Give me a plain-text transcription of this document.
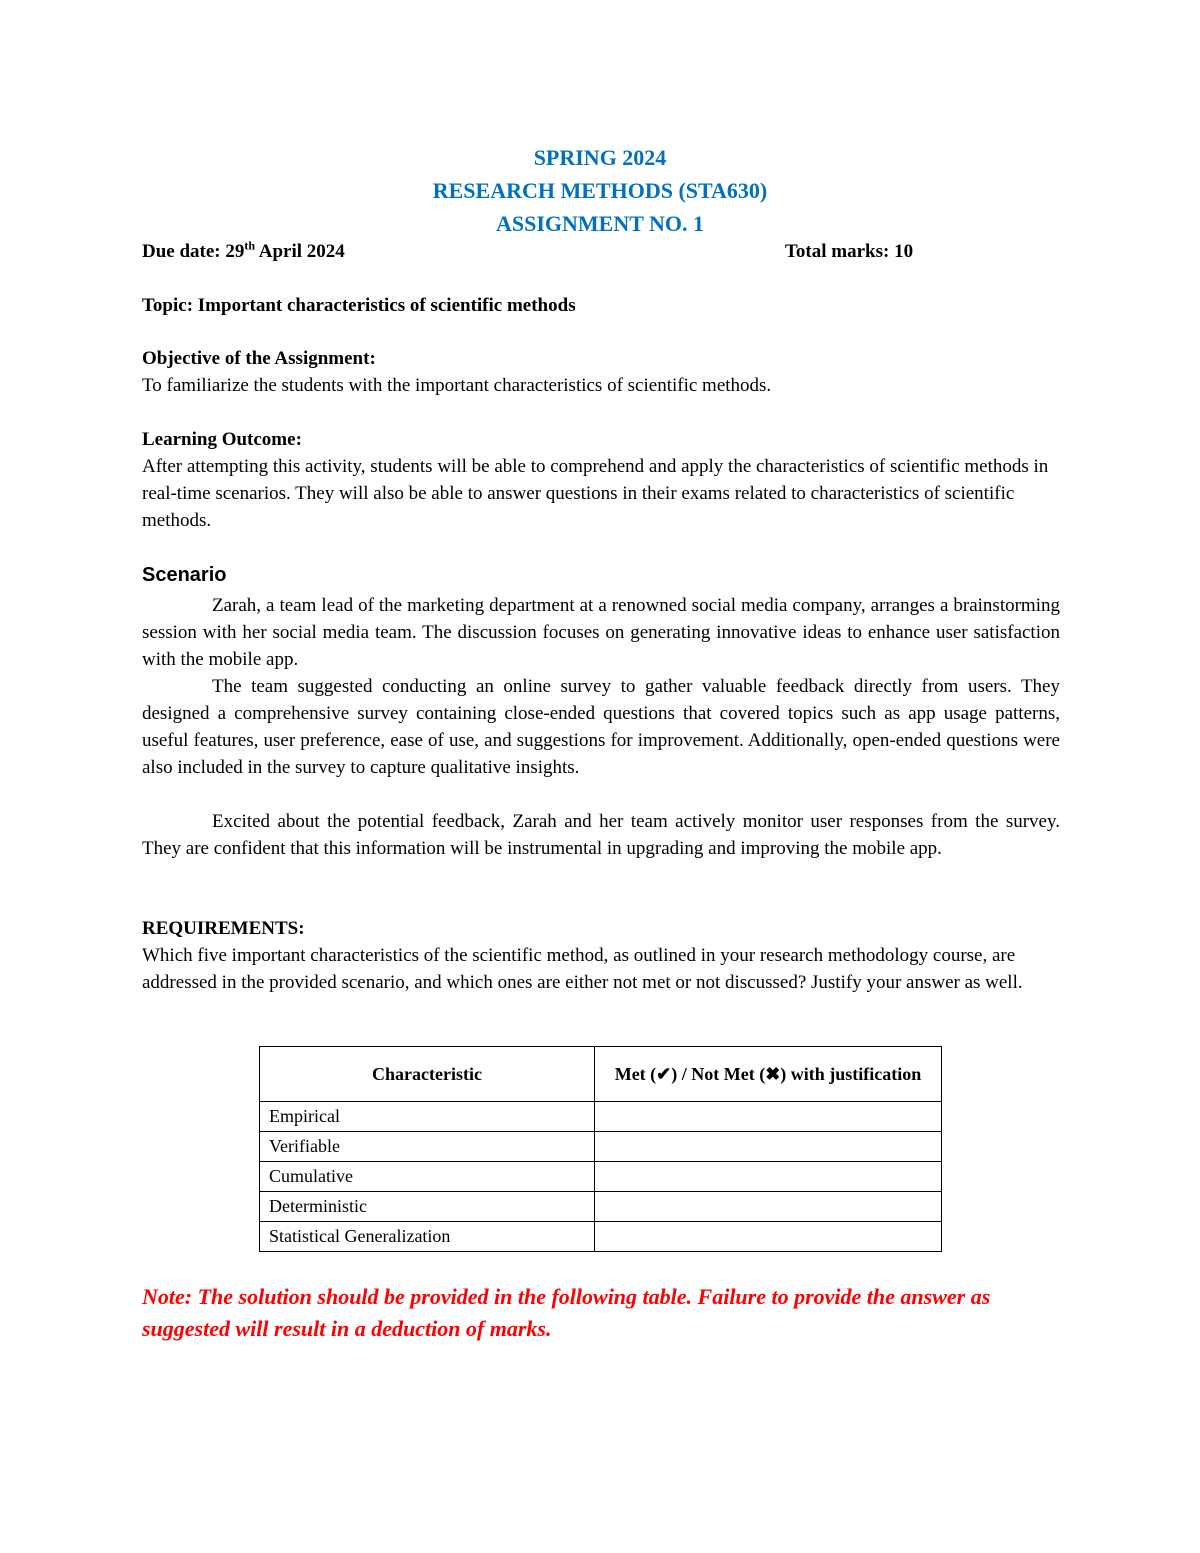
SPRING 2024
RESEARCH METHODS (STA630)
ASSIGNMENT NO. 1
Due date: 29th April 2024	Total marks: 10
Topic: Important characteristics of scientific methods
Objective of the Assignment:
To familiarize the students with the important characteristics of scientific methods.
Learning Outcome:
After attempting this activity, students will be able to comprehend and apply the characteristics of scientific methods in real-time scenarios. They will also be able to answer questions in their exams related to characteristics of scientific methods.
Scenario
Zarah, a team lead of the marketing department at a renowned social media company, arranges a brainstorming session with her social media team. The discussion focuses on generating innovative ideas to enhance user satisfaction with the mobile app.
The team suggested conducting an online survey to gather valuable feedback directly from users. They designed a comprehensive survey containing close-ended questions that covered topics such as app usage patterns, useful features, user preference, ease of use, and suggestions for improvement. Additionally, open-ended questions were also included in the survey to capture qualitative insights.
Excited about the potential feedback, Zarah and her team actively monitor user responses from the survey. They are confident that this information will be instrumental in upgrading and improving the mobile app.
REQUIREMENTS:
Which five important characteristics of the scientific method, as outlined in your research methodology course, are addressed in the provided scenario, and which ones are either not met or not discussed? Justify your answer as well.
Characteristic	Met (✔) / Not Met (✖) with justification
Empirical	
Verifiable	
Cumulative	
Deterministic	
Statistical Generalization	
Note: The solution should be provided in the following table. Failure to provide the answer as suggested will result in a deduction of marks.
